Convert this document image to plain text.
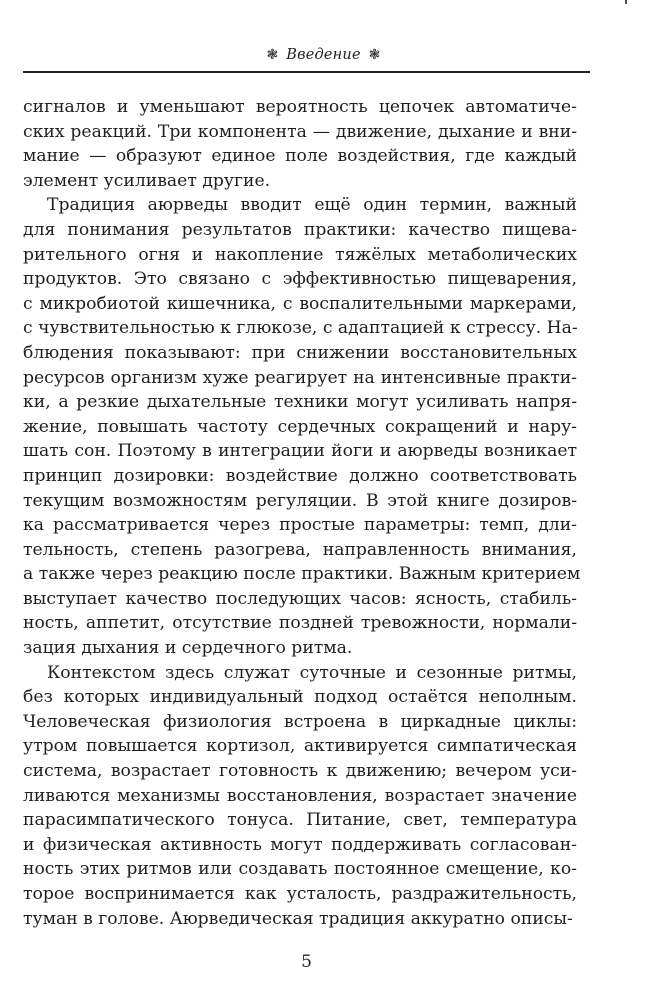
❃ Введение ❃

сигналов и уменьшают вероятность цепочек автоматиче-
ских реакций. Три компонента — движение, дыхание и вни-
мание — образуют единое поле воздействия, где каждый
элемент усиливает другие.

Традиция аюрведы вводит ещё один термин, важный
для понимания результатов практики: качество пищева-
рительного огня и накопление тяжёлых метаболических
продуктов. Это связано с эффективностью пищеварения,
с микробиотой кишечника, с воспалительными маркерами,
с чувствительностью к глюкозе, с адаптацией к стрессу. На-
блюдения показывают: при снижении восстановительных
ресурсов организм хуже реагирует на интенсивные практи-
ки, а резкие дыхательные техники могут усиливать напря-
жение, повышать частоту сердечных сокращений и нару-
шать сон. Поэтому в интеграции йоги и аюрведы возникает
принцип дозировки: воздействие должно соответствовать
текущим возможностям регуляции. В этой книге дозиров-
ка рассматривается через простые параметры: темп, дли-
тельность, степень разогрева, направленность внимания,
а также через реакцию после практики. Важным критерием
выступает качество последующих часов: ясность, стабиль-
ность, аппетит, отсутствие поздней тревожности, нормали-
зация дыхания и сердечного ритма.

Контекстом здесь служат суточные и сезонные ритмы,
без которых индивидуальный подход остаётся неполным.
Человеческая физиология встроена в циркадные циклы:
утром повышается кортизол, активируется симпатическая
система, возрастает готовность к движению; вечером уси-
ливаются механизмы восстановления, возрастает значение
парасимпатического тонуса. Питание, свет, температура
и физическая активность могут поддерживать согласован-
ность этих ритмов или создавать постоянное смещение, ко-
торое воспринимается как усталость, раздражительность,
туман в голове. Аюрведическая традиция аккуратно описы-

5
